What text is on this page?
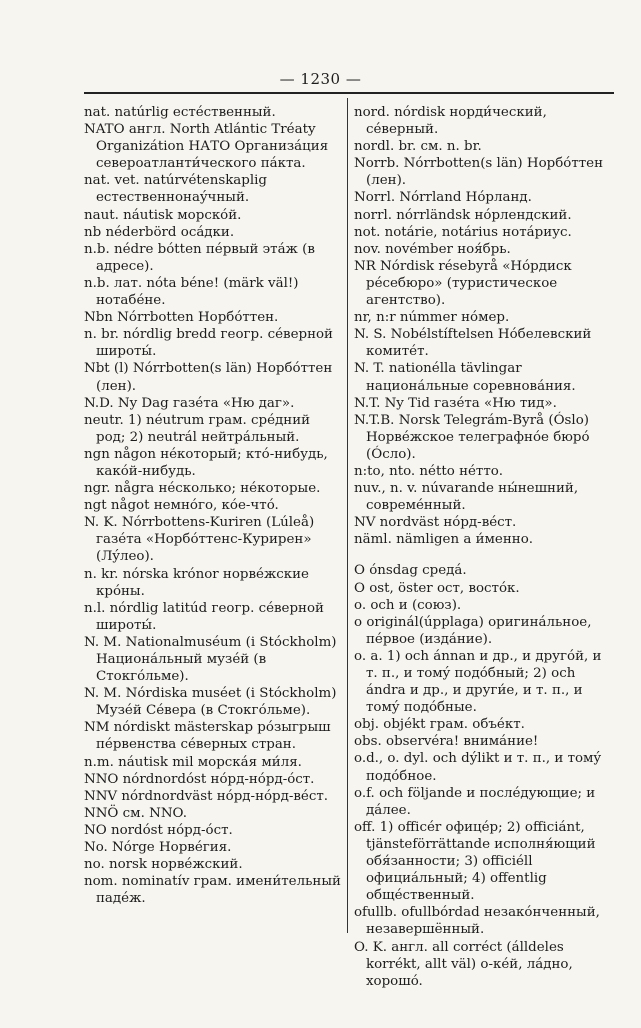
— 1230 —

nat. natúrlig естéственный.

NATO англ. North Atlántic Tréaty Organizátion НАТО Организáция североатланти́ческого пáкта.

nat. vet. natúrvétenskaplig естественнонаýчный.

naut. náutisk морскóй.

nb néderbörd осáдки.

n.b. nédre bótten пéрвый этáж (в адресе).

n.b. лат. nóta béne! (märk väl!) нотабéне.

Nbn Nórrbotten Норбóттен.

n. br. nórdlig bredd геогр. сéверной широты́.

Nbt (l) Nórrbotten(s län) Норбóттен (лен).

N.D. Ny Dag газéта «Ню даг».

neutr. 1) néutrum грам. срéдний род; 2) neutrál нейтрáльный.

ngn någon нéкоторый; ктó-нибудь, какóй-нибудь.

ngr. några нéсколько; нéкоторые.

ngt något немнóго, кóе-чтó.

N. K. Nórrbottens-Kuriren (Lúleå) газéта «Норбóттенс-Курирен» (Лýлео).

n. kr. nórska krónor норвéжские крóны.

n.l. nórdlig latitúd геогр. сéверной широты́.

N. M. Nationalmuséum (i Stóckholm) Национáльный музéй (в Стокгóльме).

N. M. Nórdiska muséet (i Stóckholm) Музéй Сéвера (в Стокгóльме).

NM nórdiskt mästerskap рóзыгрыш пéрвенства сéверных стран.

n.m. náutisk mil морскáя ми́ля.

NNO nórdnordóst нóрд-нóрд-óст.

NNV nórdnordväst нóрд-нóрд-вéст.

NNÖ см. NNO.

NO nordóst нóрд-óст.

No. Nórge Норвéгия.

no. norsk норвéжский.

nom. nominatív грам. имени́тельный падéж.

nord. nórdisk норди́ческий, сéверный.

nordl. br. см. n. br.

Norrb. Nórrbotten(s län) Норбóттен (лен).

Norrl. Nórrland Нóрланд.

norrl. nórrländsk нóрлендский.

not. notárie, notárius нотáриус.

nov. novémber ноя́брь.

NR Nórdisk résebyrå «Нóрдиск рéсебюро» (туристическое агентство).

nr, n:r númmer нóмер.

N. S. Nobélstíftelsen Нóбелевский комитéт.

N. T. nationélla tävlingar национáльные соревновáния.

N.T. Ny Tid газéта «Ню тид».

N.T.B. Norsk Telegrám-Byrå (Óslo) Норвéжское телеграфнóе бюрó (Óсло).

n:to, nto. nétto нéтто.

nuv., n. v. núvarande ны́нешний, совремéнный.

NV nordväst нóрд-вéст.

näml. nämligen а и́менно.

O ónsdag средá.

O ost, öster ост, востóк.

o. och и (союз).

o originál(úpplaga) оригинáльное, пéрвое (издáние).

o. a. 1) och ánnan и др., и другóй, и т. п., и томý подóбный; 2) och ándra и др., и други́е, и т. п., и томý подóбные.

obj. objékt грам. объéкт.

obs. observéra! внимáние!

o.d., o. dyl. och dýlikt и т. п., и томý подóбное.

o.f. och följande и послéдующие; и дáлее.

off. 1) officér офицéр; 2) officiánt, tjänsteförrättande исполня́ющий обя́занности; 3) officiéll официáльный; 4) offentlig общéственный.

ofullb. ofullbórdad незакóнченный, незавершённый.

O. K. англ. all corréct (álldeles korrékt, allt väl) о-кéй, лáдно, хорошó.
